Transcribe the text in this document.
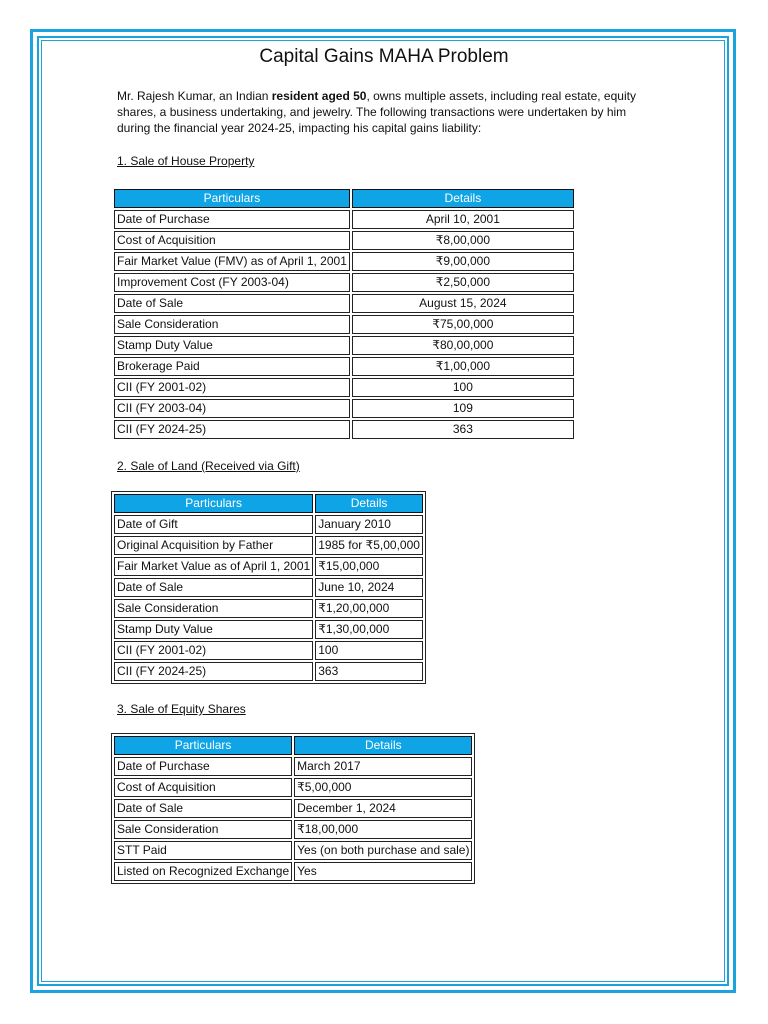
Capital Gains MAHA Problem
Mr. Rajesh Kumar, an Indian resident aged 50, owns multiple assets, including real estate, equity shares, a business undertaking, and jewelry. The following transactions were undertaken by him during the financial year 2024-25, impacting his capital gains liability:
1. Sale of House Property
Particulars	Details
Date of Purchase	April 10, 2001
Cost of Acquisition	₹8,00,000
Fair Market Value (FMV) as of April 1, 2001	₹9,00,000
Improvement Cost (FY 2003-04)	₹2,50,000
Date of Sale	August 15, 2024
Sale Consideration	₹75,00,000
Stamp Duty Value	₹80,00,000
Brokerage Paid	₹1,00,000
CII (FY 2001-02)	100
CII (FY 2003-04)	109
CII (FY 2024-25)	363
2. Sale of Land (Received via Gift)
Particulars	Details
Date of Gift	January 2010
Original Acquisition by Father	1985 for ₹5,00,000
Fair Market Value as of April 1, 2001	₹15,00,000
Date of Sale	June 10, 2024
Sale Consideration	₹1,20,00,000
Stamp Duty Value	₹1,30,00,000
CII (FY 2001-02)	100
CII (FY 2024-25)	363
3. Sale of Equity Shares
Particulars	Details
Date of Purchase	March 2017
Cost of Acquisition	₹5,00,000
Date of Sale	December 1, 2024
Sale Consideration	₹18,00,000
STT Paid	Yes (on both purchase and sale)
Listed on Recognized Exchange	Yes
